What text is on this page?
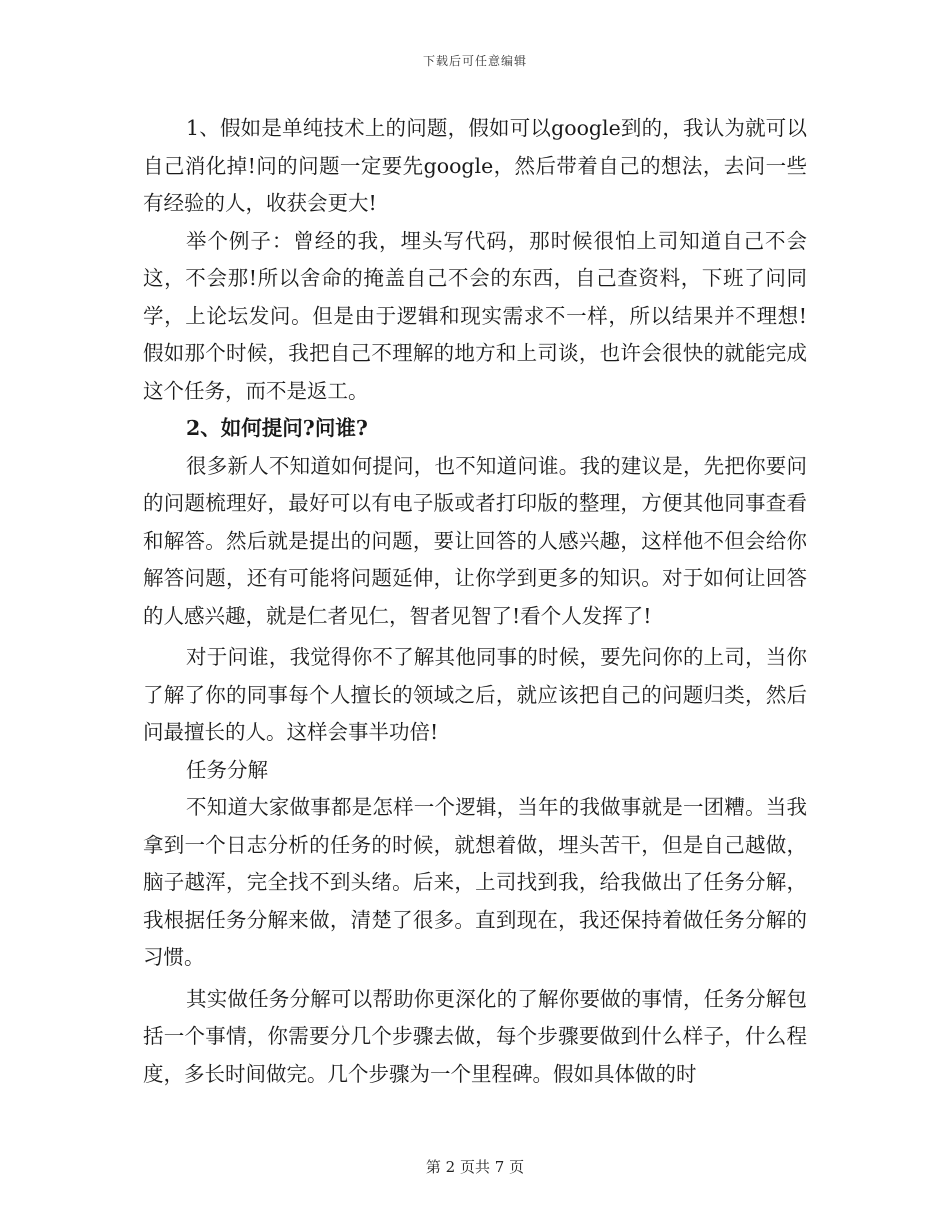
下载后可任意编辑

1、假如是单纯技术上的问题，假如可以google到的，我认为就可以自己消化掉!问的问题一定要先google，然后带着自己的想法，去问一些有经验的人，收获会更大!

举个例子：曾经的我，埋头写代码，那时候很怕上司知道自己不会这，不会那!所以舍命的掩盖自己不会的东西，自己查资料，下班了问同学，上论坛发问。但是由于逻辑和现实需求不一样，所以结果并不理想!假如那个时候，我把自己不理解的地方和上司谈，也许会很快的就能完成这个任务，而不是返工。

2、如何提问?问谁?

很多新人不知道如何提问，也不知道问谁。我的建议是，先把你要问的问题梳理好，最好可以有电子版或者打印版的整理，方便其他同事查看和解答。然后就是提出的问题，要让回答的人感兴趣，这样他不但会给你解答问题，还有可能将问题延伸，让你学到更多的知识。对于如何让回答的人感兴趣，就是仁者见仁，智者见智了!看个人发挥了!

对于问谁，我觉得你不了解其他同事的时候，要先问你的上司，当你了解了你的同事每个人擅长的领域之后，就应该把自己的问题归类，然后问最擅长的人。这样会事半功倍!

任务分解

不知道大家做事都是怎样一个逻辑，当年的我做事就是一团糟。当我拿到一个日志分析的任务的时候，就想着做，埋头苦干，但是自己越做，脑子越浑，完全找不到头绪。后来，上司找到我，给我做出了任务分解，我根据任务分解来做，清楚了很多。直到现在，我还保持着做任务分解的习惯。

其实做任务分解可以帮助你更深化的了解你要做的事情，任务分解包括一个事情，你需要分几个步骤去做，每个步骤要做到什么样子，什么程度，多长时间做完。几个步骤为一个里程碑。假如具体做的时

第 2 页共 7 页
